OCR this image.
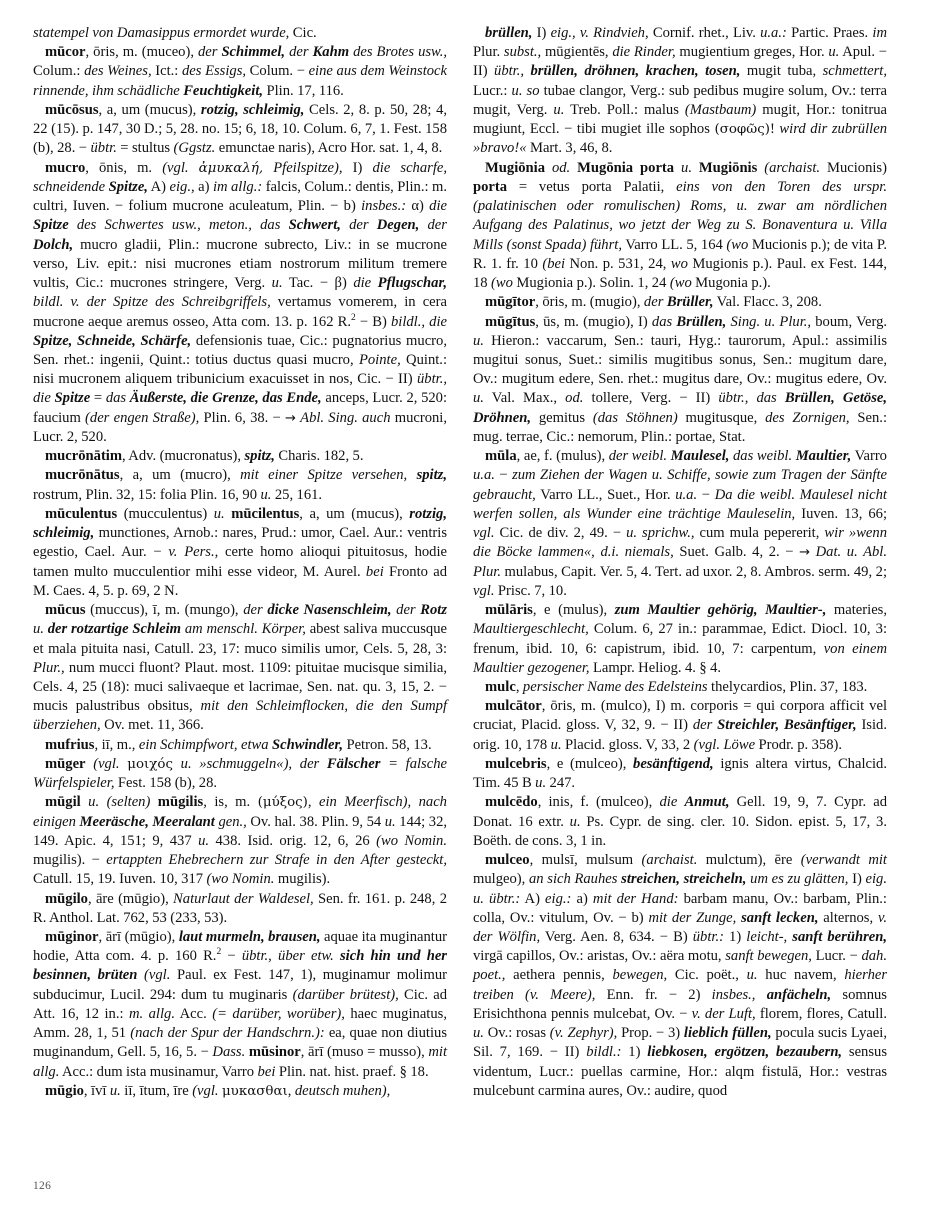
statempel von Damasippus ermordet wurde, Cic.

mūcor, ōris, m. (muceo), der Schimmel, der Kahm des Brotes usw., Colum.: des Weines, Ict.: des Essigs, Colum. − eine aus dem Weinstock rinnende, ihm schädliche Feuchtigkeit, Plin. 17, 116.

mūcōsus, a, um (mucus), rotzig, schleimig, Cels. 2, 8. p. 50, 28; 4, 22 (15). p. 147, 30 D.; 5, 28. no. 15; 6, 18, 10. Colum. 6, 7, 1. Fest. 158 (b), 28. − übtr. = stultus (Ggstz. emunctae naris), Acro Hor. sat. 1, 4, 8.

mucro, ōnis, m. (vgl. ἀμυκαλή, Pfeilspitze), I) die scharfe, schneidende Spitze, A) eig., a) im allg.: falcis, Colum.: dentis, Plin.: m. cultri, Iuven. − folium mucrone aculeatum, Plin. − b) insbes.: α) die Spitze des Schwertes usw., meton., das Schwert, der Degen, der Dolch, mucro gladii, Plin.: mucrone subrecto, Liv.: in se mucrone verso, Liv. epit.: nisi mucrones etiam nostrorum militum tremere vultis, Cic.: mucrones stringere, Verg. u. Tac. − β) die Pflugschar, bildl. v. der Spitze des Schreibgriffels, vertamus vomerem, in cera mucrone aeque aremus osseo, Atta com. 13. p. 162 R.$^2$ − B) bildl., die Spitze, Schneide, Schärfe, defensionis tuae, Cic.: pugnatorius mucro, Sen. rhet.: ingenii, Quint.: totius ductus quasi mucro, Pointe, Quint.: nisi mucronem aliquem tribunicium exacuisset in nos, Cic. − II) übtr., die Spitze = das Äußerste, die Grenze, das Ende, anceps, Lucr. 2, 520: faucium (der engen Straße), Plin. 6, 38. − → Abl. Sing. auch mucroni, Lucr. 2, 520.

mucrōnātim, Adv. (mucronatus), spitz, Charis. 182, 5.

mucrōnātus, a, um (mucro), mit einer Spitze versehen, spitz, rostrum, Plin. 32, 15: folia Plin. 16, 90 u. 25, 161.

mūculentus (mucculentus) u. mūcilentus, a, um (mucus), rotzig, schleimig, munctiones, Arnob.: nares, Prud.: umor, Cael. Aur.: ventris egestio, Cael. Aur. − v. Pers., certe homo alioqui pituitosus, hodie tamen multo mucculentior mihi esse videor, M. Aurel. bei Fronto ad M. Caes. 4, 5. p. 69, 2 N.

mūcus (muccus), ī, m. (mungo), der dicke Nasenschleim, der Rotz u. der rotzartige Schleim am menschl. Körper, abest saliva muccusque et mala pituita nasi, Catull. 23, 17: muco similis umor, Cels. 5, 28, 3: Plur., num mucci fluont? Plaut. most. 1109: pituitae mucisque similia, Cels. 4, 25 (18): muci salivaeque et lacrimae, Sen. nat. qu. 3, 15, 2. − mucis palustribus obsitus, mit den Schleimflocken, die den Sumpf überziehen, Ov. met. 11, 366.

mufrius, iī, m., ein Schimpfwort, etwa Schwindler, Petron. 58, 13.

mūger (vgl. μοιχός u. »schmuggeln«), der Fälscher = falsche Würfelspieler, Fest. 158 (b), 28.

mūgil u. (selten) mūgilis, is, m. (μύξος), ein Meerfisch), nach einigen Meeräsche, Meeralant gen., Ov. hal. 38. Plin. 9, 54 u. 144; 32, 149. Apic. 4, 151; 9, 437 u. 438. Isid. orig. 12, 6, 26 (wo Nomin. mugilis). − ertappten Ehebrechern zur Strafe in den After gesteckt, Catull. 15, 19. Iuven. 10, 317 (wo Nomin. mugilis).

mūgilo, āre (mūgio), Naturlaut der Waldesel, Sen. fr. 161. p. 248, 2 R. Anthol. Lat. 762, 53 (233, 53).

mūginor, ārī (mūgio), laut murmeln, brausen, aquae ita muginantur hodie, Atta com. 4. p. 160 R.$^2$ − übtr., über etw. sich hin und her besinnen, brüten (vgl. Paul. ex Fest. 147, 1), muginamur molimur subducimur, Lucil. 294: dum tu muginaris (darüber brütest), Cic. ad Att. 16, 12 in.: m. allg. Acc. (= darüber, worüber), haec muginatus, Amm. 28, 1, 51 (nach der Spur der Handschrn.): ea, quae non diutius muginandum, Gell. 5, 16, 5. − Dass. mūsinor, ārī (muso = musso), mit allg. Acc.: dum ista musinamur, Varro bei Plin. nat. hist. praef. § 18.

mūgio, īvī u. iī, ītum, īre (vgl. μυκασθαι, deutsch muhen),

brüllen, I) eig., v. Rindvieh, Cornif. rhet., Liv. u.a.: Partic. Praes. im Plur. subst., mūgientēs, die Rinder, mugientium greges, Hor. u. Apul. − II) übtr., brüllen, dröhnen, krachen, tosen, mugit tuba, schmettert, Lucr.: u. so tubae clangor, Verg.: sub pedibus mugire solum, Ov.: terra mugit, Verg. u. Treb. Poll.: malus (Mastbaum) mugit, Hor.: tonitrua mugiunt, Eccl. − tibi mugiet ille sophos (σοφῶς)! wird dir zubrüllen »bravo!« Mart. 3, 46, 8.

Mugiōnia od. Mugōnia porta u. Mugiōnis (archaist. Mucionis) porta = vetus porta Palatii, eins von den Toren des urspr. (palatinischen oder romulischen) Roms, u. zwar am nördlichen Aufgang des Palatinus, wo jetzt der Weg zu S. Bonaventura u. Villa Mills (sonst Spada) führt, Varro LL. 5, 164 (wo Mucionis p.); de vita P. R. 1. fr. 10 (bei Non. p. 531, 24, wo Mugionis p.). Paul. ex Fest. 144, 18 (wo Mugionia p.). Solin. 1, 24 (wo Mugonia p.).

mūgītor, ōris, m. (mugio), der Brüller, Val. Flacc. 3, 208.

mūgītus, ūs, m. (mugio), I) das Brüllen, Sing. u. Plur., boum, Verg. u. Hieron.: vaccarum, Sen.: tauri, Hyg.: taurorum, Apul.: assimilis mugitui sonus, Suet.: similis mugitibus sonus, Sen.: mugitum dare, Ov.: mugitum edere, Sen. rhet.: mugitus dare, Ov.: mugitus edere, Ov. u. Val. Max., od. tollere, Verg. − II) übtr., das Brüllen, Getöse, Dröhnen, gemitus (das Stöhnen) mugitusque, des Zornigen, Sen.: mug. terrae, Cic.: nemorum, Plin.: portae, Stat.

mūla, ae, f. (mulus), der weibl. Maulesel, das weibl. Maultier, Varro u.a. − zum Ziehen der Wagen u. Schiffe, sowie zum Tragen der Sänfte gebraucht, Varro LL., Suet., Hor. u.a. − Da die weibl. Maulesel nicht werfen sollen, als Wunder eine trächtige Mauleselin, Iuven. 13, 66; vgl. Cic. de div. 2, 49. − u. sprichw., cum mula pepererit, wir »wenn die Böcke lammen«, d.i. niemals, Suet. Galb. 4, 2. − → Dat. u. Abl. Plur. mulabus, Capit. Ver. 5, 4. Tert. ad uxor. 2, 8. Ambros. serm. 49, 2; vgl. Prisc. 7, 10.

mūlāris, e (mulus), zum Maultier gehörig, Maultier-, materies, Maultiergeschlecht, Colum. 6, 27 in.: parammae, Edict. Diocl. 10, 3: frenum, ibid. 10, 6: capistrum, ibid. 10, 7: carpentum, von einem Maultier gezogener, Lampr. Heliog. 4. § 4.

mulc, persischer Name des Edelsteins thelycardios, Plin. 37, 183.

mulcātor, ōris, m. (mulco), I) m. corporis = qui corpora afficit vel cruciat, Placid. gloss. V, 32, 9. − II) der Streichler, Besänftiger, Isid. orig. 10, 178 u. Placid. gloss. V, 33, 2 (vgl. Löwe Prodr. p. 358).

mulcebris, e (mulceo), besänftigend, ignis altera virtus, Chalcid. Tim. 45 B u. 247.

mulcēdo, inis, f. (mulceo), die Anmut, Gell. 19, 9, 7. Cypr. ad Donat. 16 extr. u. Ps. Cypr. de sing. cler. 10. Sidon. epist. 5, 17, 3. Boëth. de cons. 3, 1 in.

mulceo, mulsī, mulsum (archaist. mulctum), ēre (verwandt mit mulgeo), an sich Rauhes streichen, streicheln, um es zu glätten, I) eig. u. übtr.: A) eig.: a) mit der Hand: barbam manu, Ov.: barbam, Plin.: colla, Ov.: vitulum, Ov. − b) mit der Zunge, sanft lecken, alternos, v. der Wölfin, Verg. Aen. 8, 634. − B) übtr.: 1) leicht-, sanft berühren, virgā capillos, Ov.: aristas, Ov.: aëra motu, sanft bewegen, Lucr. − dah. poet., aethera pennis, bewegen, Cic. poët., u. huc navem, hierher treiben (v. Meere), Enn. fr. − 2) insbes., anfächeln, somnus Erisichthona pennis mulcebat, Ov. − v. der Luft, florem, flores, Catull. u. Ov.: rosas (v. Zephyr), Prop. − 3) lieblich füllen, pocula sucis Lyaei, Sil. 7, 169. − II) bildl.: 1) liebkosen, ergötzen, bezaubern, sensus videntum, Lucr.: puellas carmine, Hor.: alqm fistulā, Hor.: vestras mulcebunt carmina aures, Ov.: audire, quod

126
